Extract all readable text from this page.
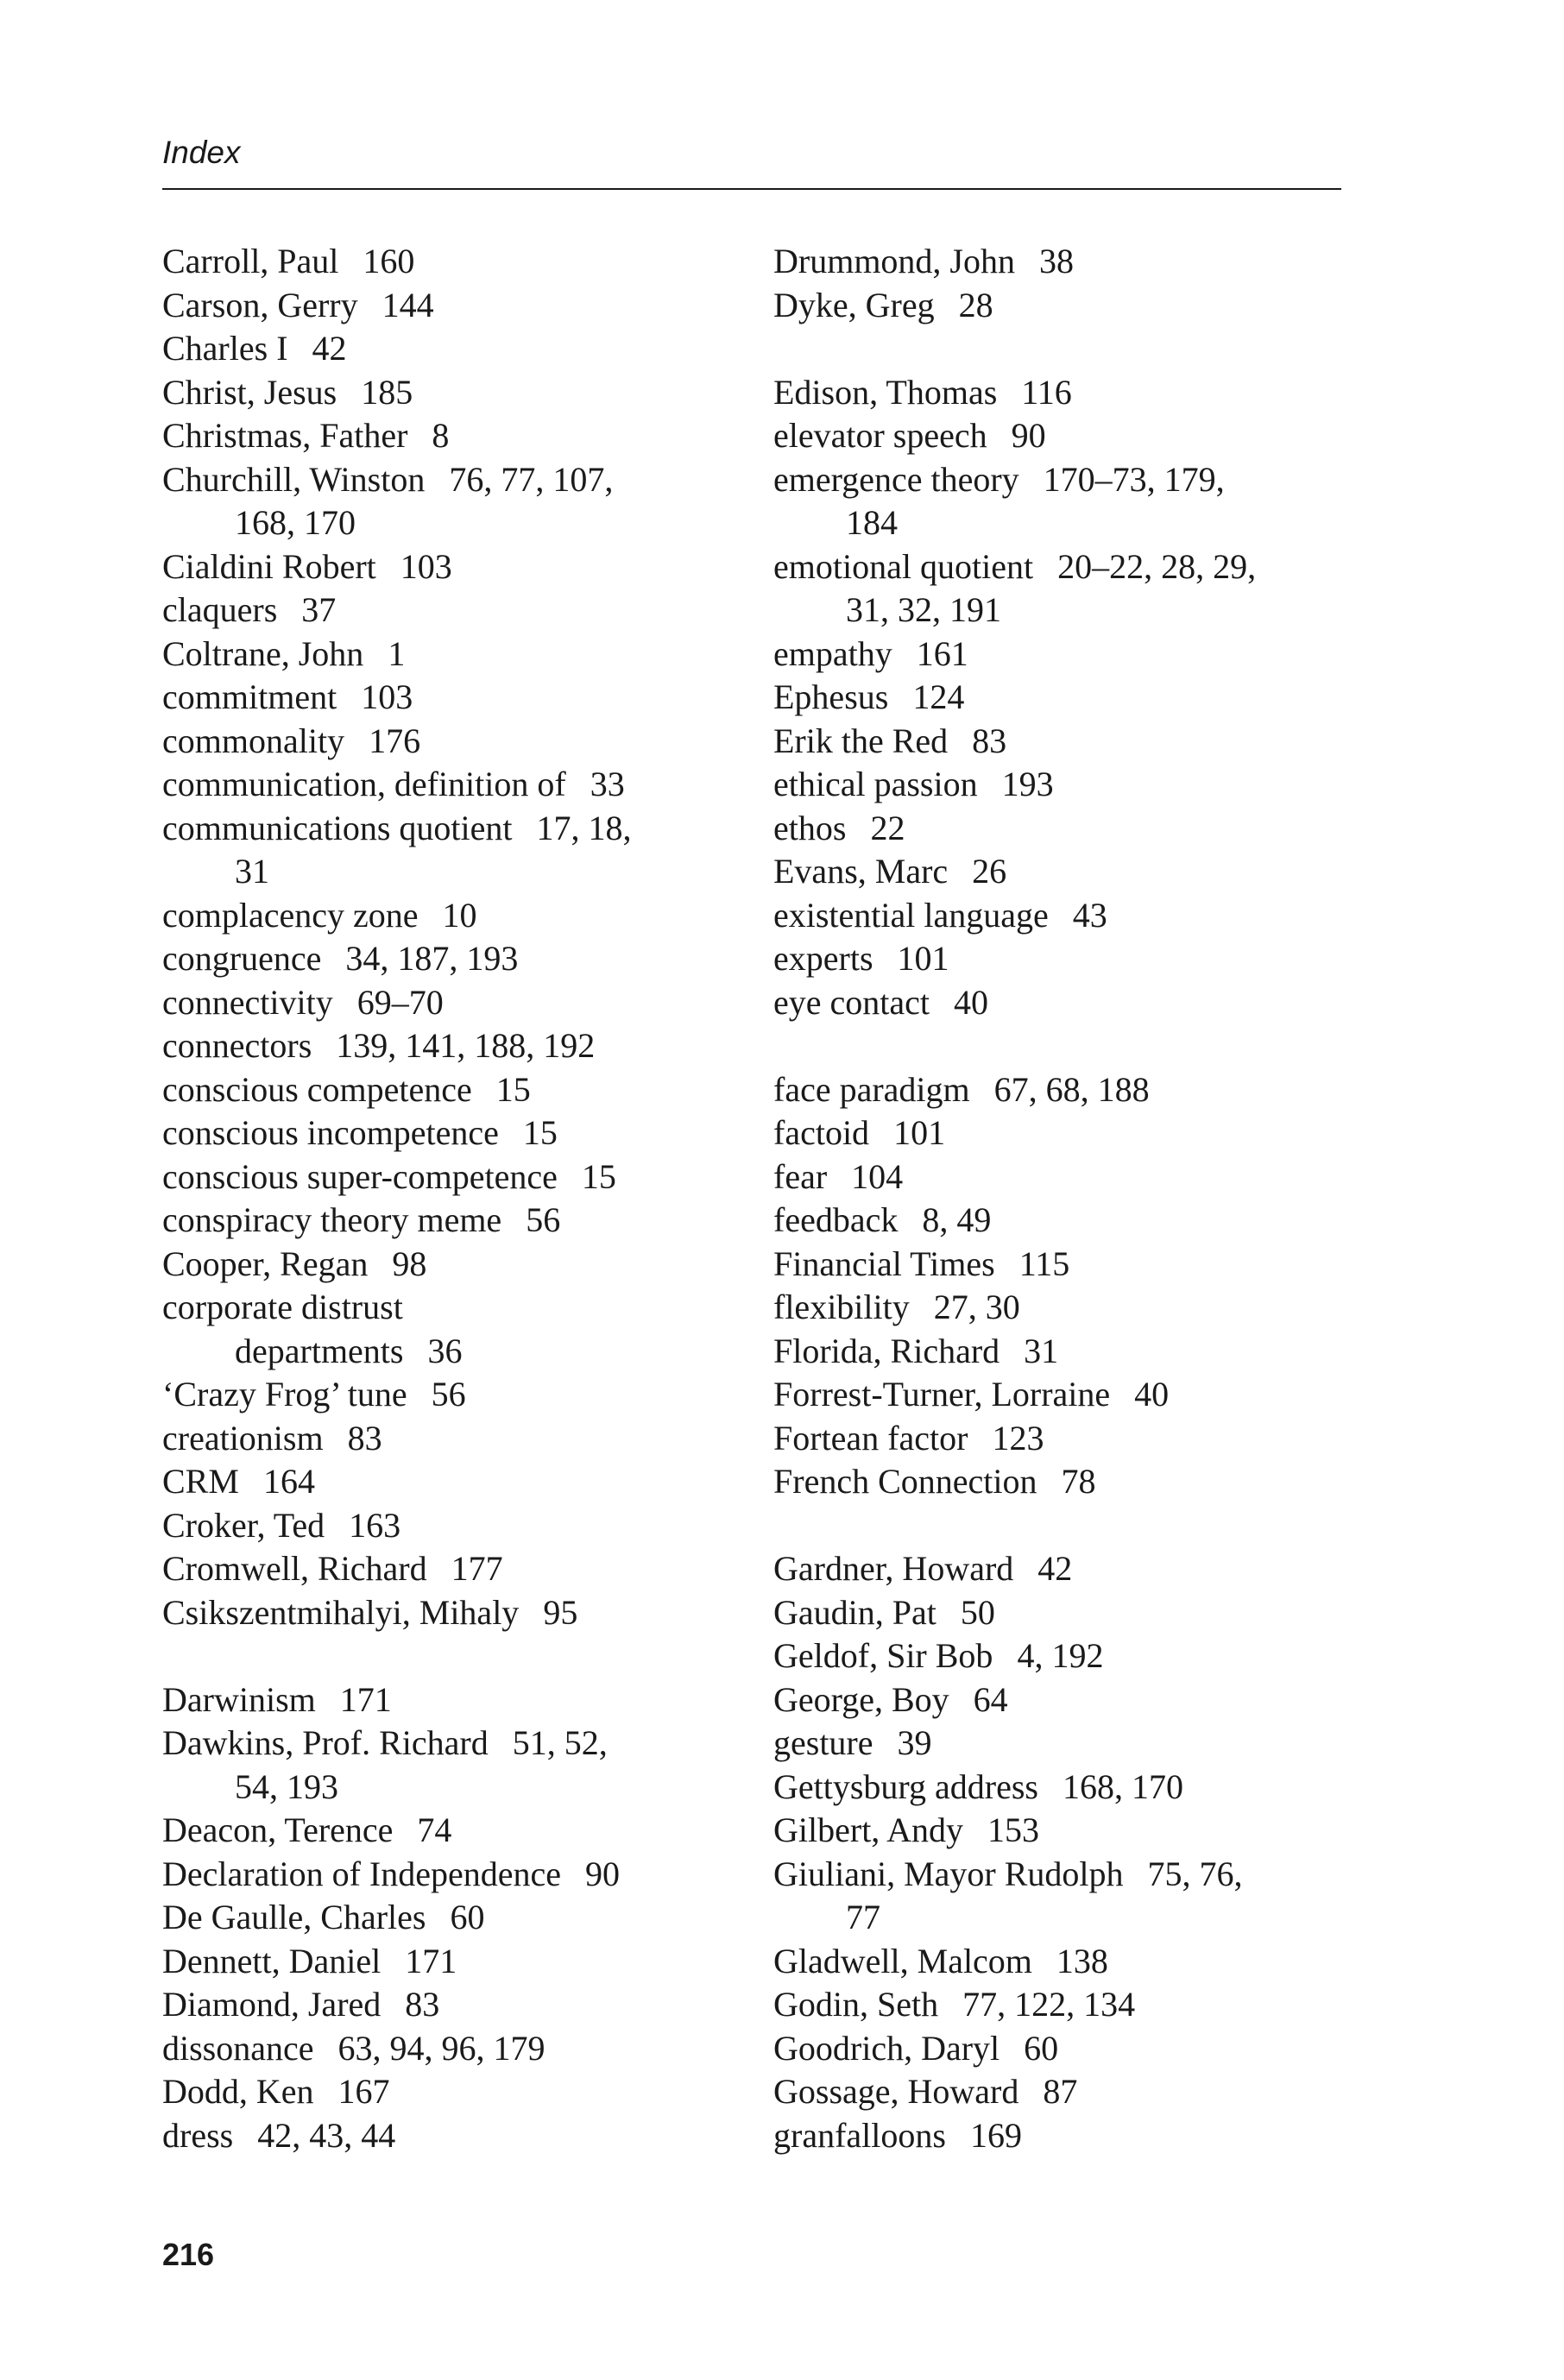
Index
Carroll, Paul 160
Carson, Gerry 144
Charles I 42
Christ, Jesus 185
Christmas, Father 8
Churchill, Winston 76, 77, 107,
168, 170
Cialdini Robert 103
claquers 37
Coltrane, John 1
commitment 103
commonality 176
communication, definition of 33
communications quotient 17, 18,
31
complacency zone 10
congruence 34, 187, 193
connectivity 69–70
connectors 139, 141, 188, 192
conscious competence 15
conscious incompetence 15
conscious super-competence 15
conspiracy theory meme 56
Cooper, Regan 98
corporate distrust
departments 36
‘Crazy Frog’ tune 56
creationism 83
CRM 164
Croker, Ted 163
Cromwell, Richard 177
Csikszentmihalyi, Mihaly 95
Darwinism 171
Dawkins, Prof. Richard 51, 52,
54, 193
Deacon, Terence 74
Declaration of Independence 90
De Gaulle, Charles 60
Dennett, Daniel 171
Diamond, Jared 83
dissonance 63, 94, 96, 179
Dodd, Ken 167
dress 42, 43, 44
Drummond, John 38
Dyke, Greg 28
Edison, Thomas 116
elevator speech 90
emergence theory 170–73, 179,
184
emotional quotient 20–22, 28, 29,
31, 32, 191
empathy 161
Ephesus 124
Erik the Red 83
ethical passion 193
ethos 22
Evans, Marc 26
existential language 43
experts 101
eye contact 40
face paradigm 67, 68, 188
factoid 101
fear 104
feedback 8, 49
Financial Times 115
flexibility 27, 30
Florida, Richard 31
Forrest-Turner, Lorraine 40
Fortean factor 123
French Connection 78
Gardner, Howard 42
Gaudin, Pat 50
Geldof, Sir Bob 4, 192
George, Boy 64
gesture 39
Gettysburg address 168, 170
Gilbert, Andy 153
Giuliani, Mayor Rudolph 75, 76,
77
Gladwell, Malcom 138
Godin, Seth 77, 122, 134
Goodrich, Daryl 60
Gossage, Howard 87
granfalloons 169
216
